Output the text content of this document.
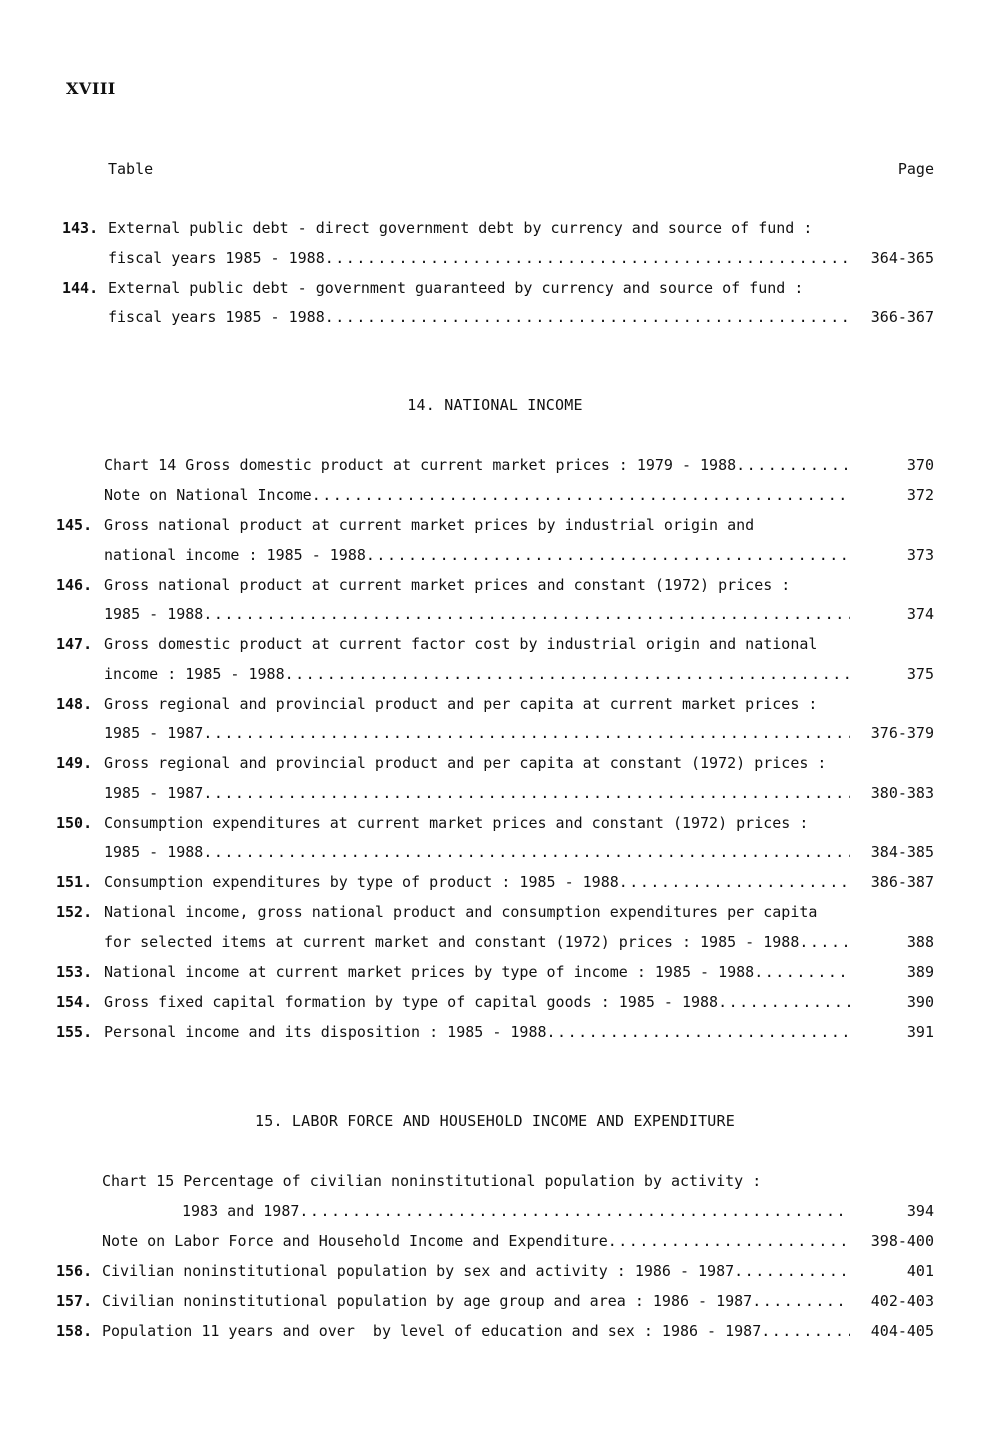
XVIII
Table	Page
143. External public debt - direct government debt by currency and source of fund :
fiscal years 1985 - 1988 .....	364-365
144. External public debt - government guaranteed by currency and source of fund :
fiscal years 1985 - 1988 .....	366-367
14. NATIONAL INCOME
Chart 14 Gross domestic product at current market prices : 1979 - 1988 .....	370
Note on National Income .....	372
145. Gross national product at current market prices by industrial origin and
national income : 1985 - 1988 .....	373
146. Gross national product at current market prices and constant (1972) prices :
1985 - 1988 .....	374
147. Gross domestic product at current factor cost by industrial origin and national
income : 1985 - 1988 .....	375
148. Gross regional and provincial product and per capita at current market prices :
1985 - 1987 .....	376-379
149. Gross regional and provincial product and per capita at constant (1972) prices :
1985 - 1987 .....	380-383
150. Consumption expenditures at current market prices and constant (1972) prices :
1985 - 1988 .....	384-385
151. Consumption expenditures by type of product : 1985 - 1988 .....	386-387
152. National income, gross national product and consumption expenditures per capita
for selected items at current market and constant (1972) prices : 1985 - 1988 .....	388
153. National income at current market prices by type of income : 1985 - 1988 .....	389
154. Gross fixed capital formation by type of capital goods : 1985 - 1988 .....	390
155. Personal income and its disposition : 1985 - 1988 .....	391
15. LABOR FORCE AND HOUSEHOLD INCOME AND EXPENDITURE
Chart 15 Percentage of civilian noninstitutional population by activity :
1983 and 1987 .....	394
Note on Labor Force and Household Income and Expenditure .....	398-400
156. Civilian noninstitutional population by sex and activity : 1986 - 1987 .....	401
157. Civilian noninstitutional population by age group and area : 1986 - 1987 .....	402-403
158. Population 11 years and over  by level of education and sex : 1986 - 1987 .....	404-405
